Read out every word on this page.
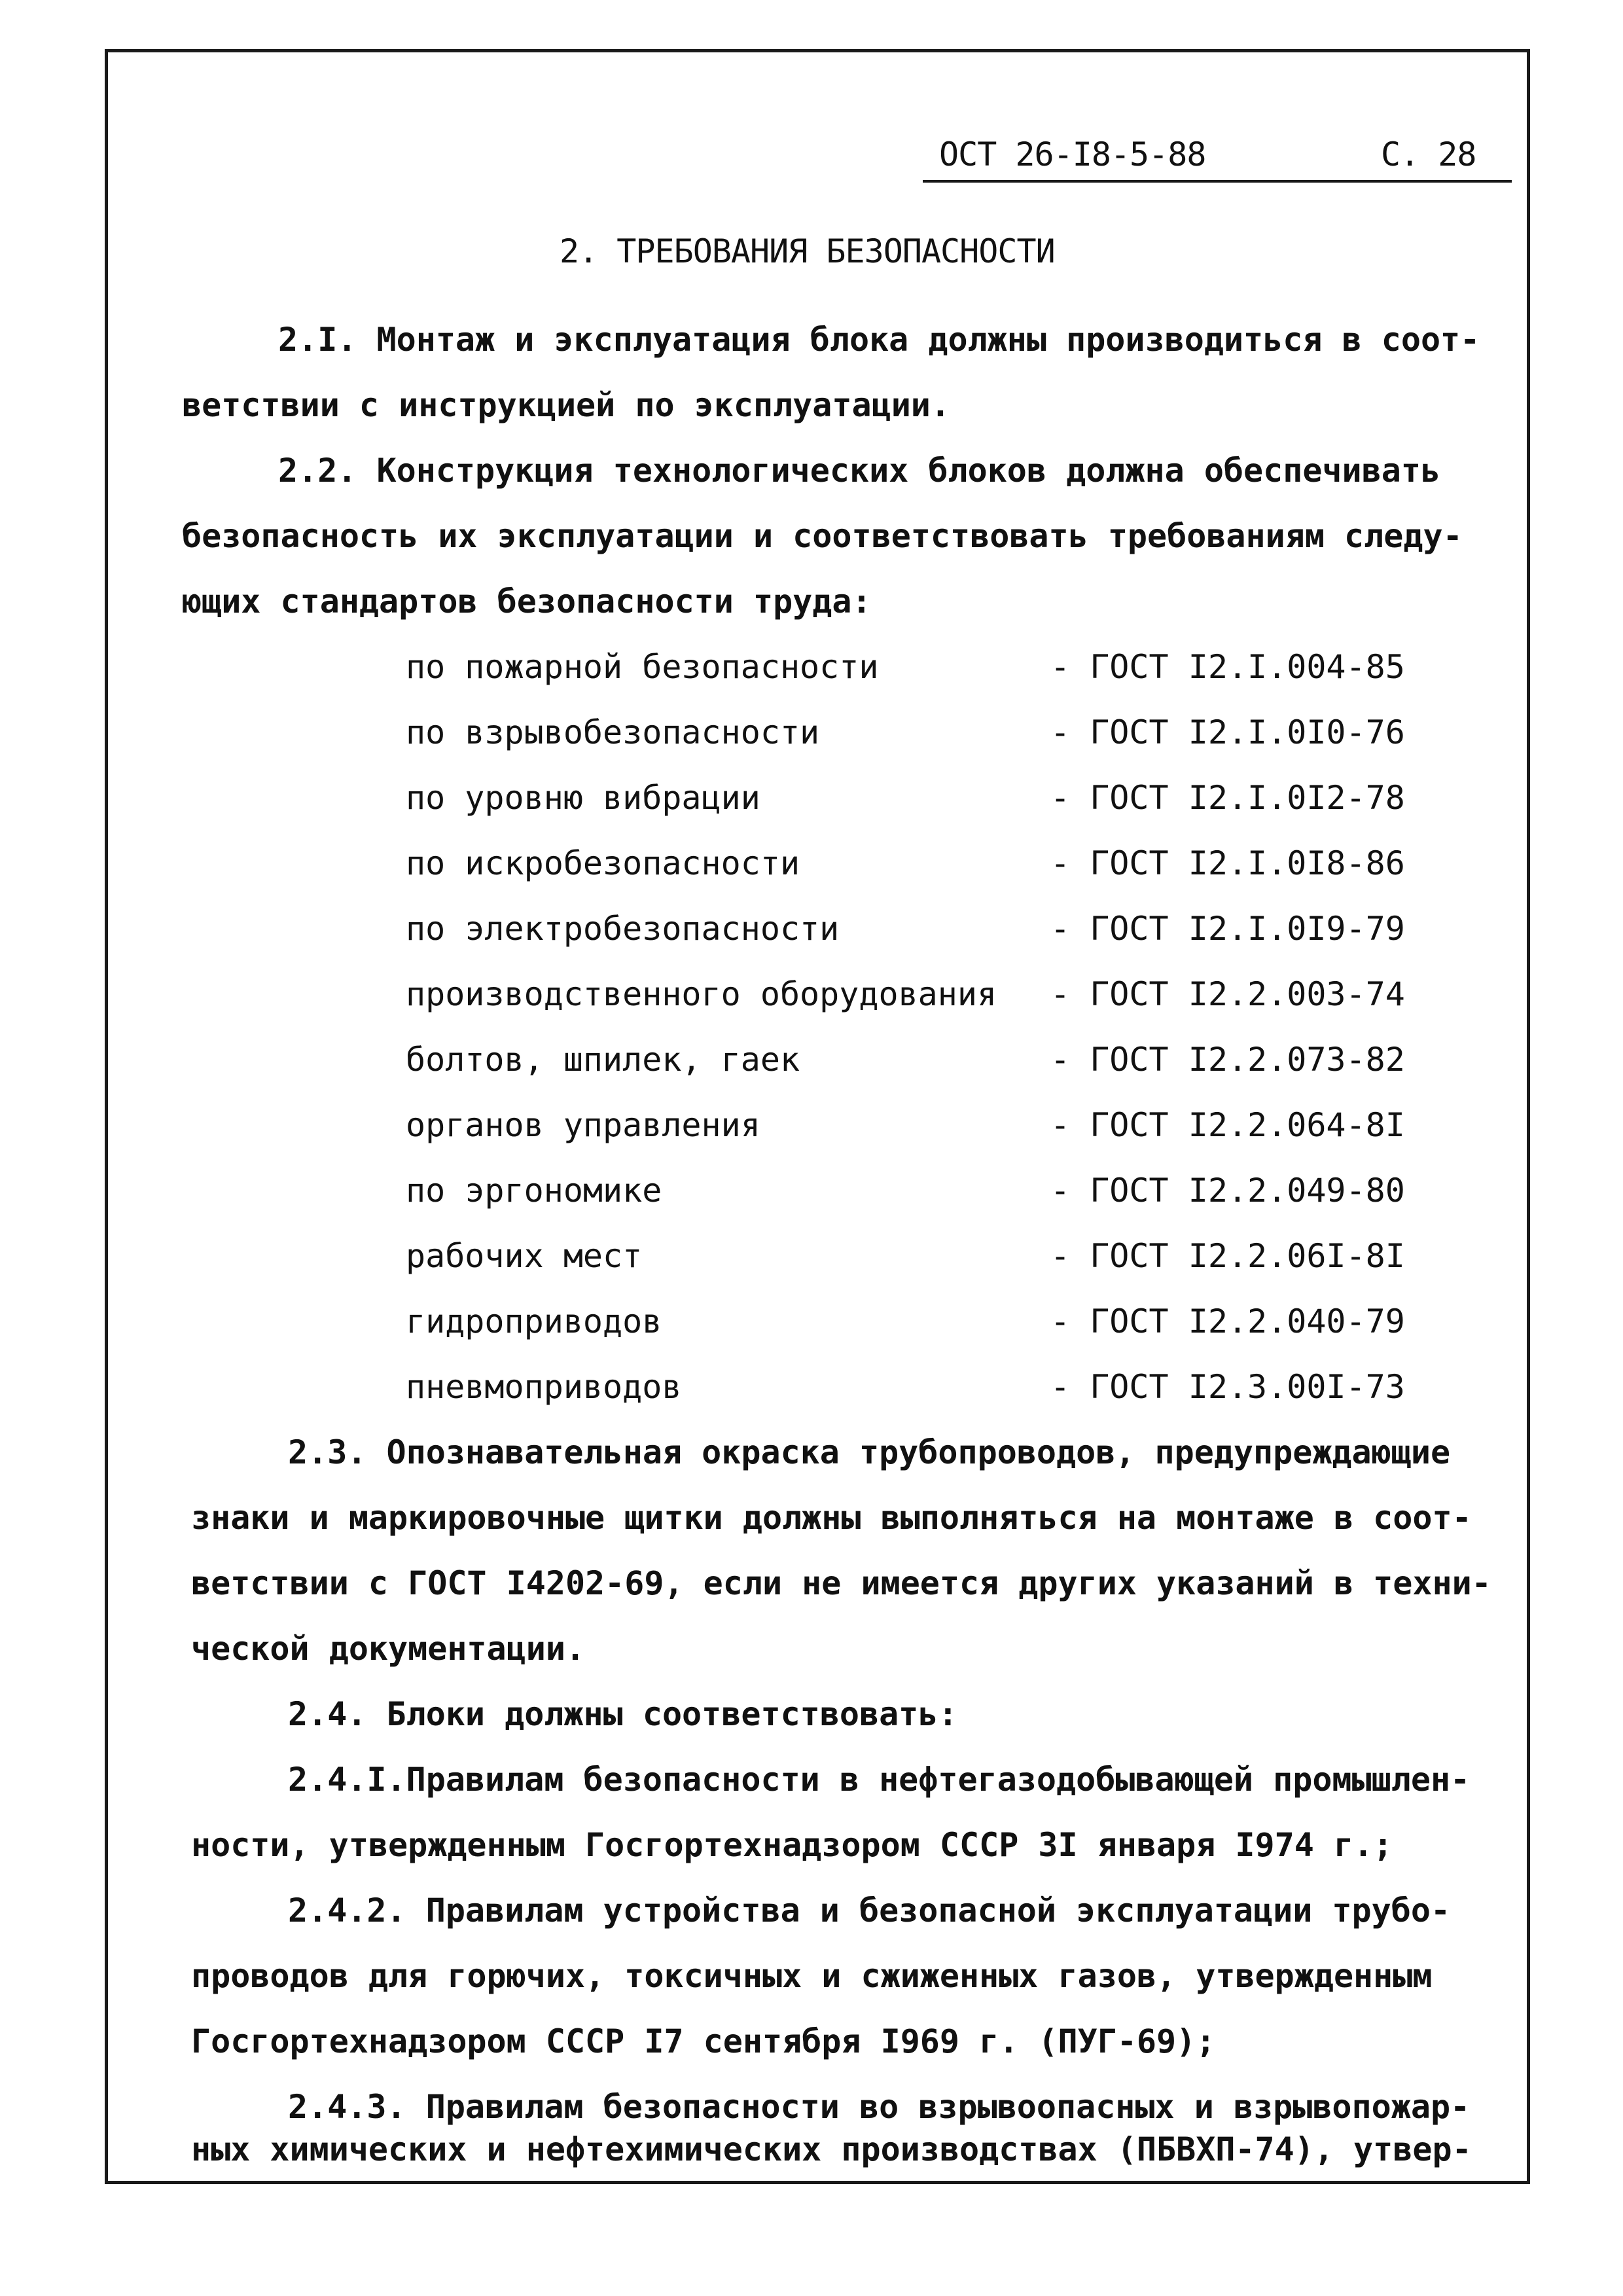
ОСТ 26-I8-5-88	С. 28
2. ТРЕБОВАНИЯ БЕЗОПАСНОСТИ
2.I. Монтаж и эксплуатация блока должны производиться в соот-
ветствии с инструкцией по эксплуатации.
2.2. Конструкция технологических блоков должна обеспечивать
безопасность их эксплуатации и соответствовать требованиям следу-
ющих стандартов безопасности труда:
по пожарной безопасности	- ГОСТ I2.I.004-85
по взрывобезопасности	- ГОСТ I2.I.0I0-76
по уровню вибрации	- ГОСТ I2.I.0I2-78
по искробезопасности	- ГОСТ I2.I.0I8-86
по электробезопасности	- ГОСТ I2.I.0I9-79
производственного оборудования - ГОСТ I2.2.003-74
болтов, шпилек, гаек	- ГОСТ I2.2.073-82
органов управления	- ГОСТ I2.2.064-8I
по эргономике	- ГОСТ I2.2.049-80
рабочих мест	- ГОСТ I2.2.06I-8I
гидроприводов	- ГОСТ I2.2.040-79
пневмоприводов	- ГОСТ I2.3.00I-73
2.3. Опознавательная окраска трубопроводов, предупреждающие
знаки и маркировочные щитки должны выполняться на монтаже в соот-
ветствии с ГОСТ I4202-69, если не имеется других указаний в техни-
ческой документации.
2.4. Блоки должны соответствовать:
2.4.I.Правилам безопасности в нефтегазодобывающей промышлен-
ности, утвержденным Госгортехнадзором СССР 3I января I974 г.;
2.4.2. Правилам устройства и безопасной эксплуатации трубо-
проводов для горючих, токсичных и сжиженных газов, утвержденным
Госгортехнадзором СССР I7 сентября I969 г. (ПУГ-69);
2.4.3. Правилам безопасности во взрывоопасных и взрывопожар-
ных химических и нефтехимических производствах (ПБВХП-74), утвер-
